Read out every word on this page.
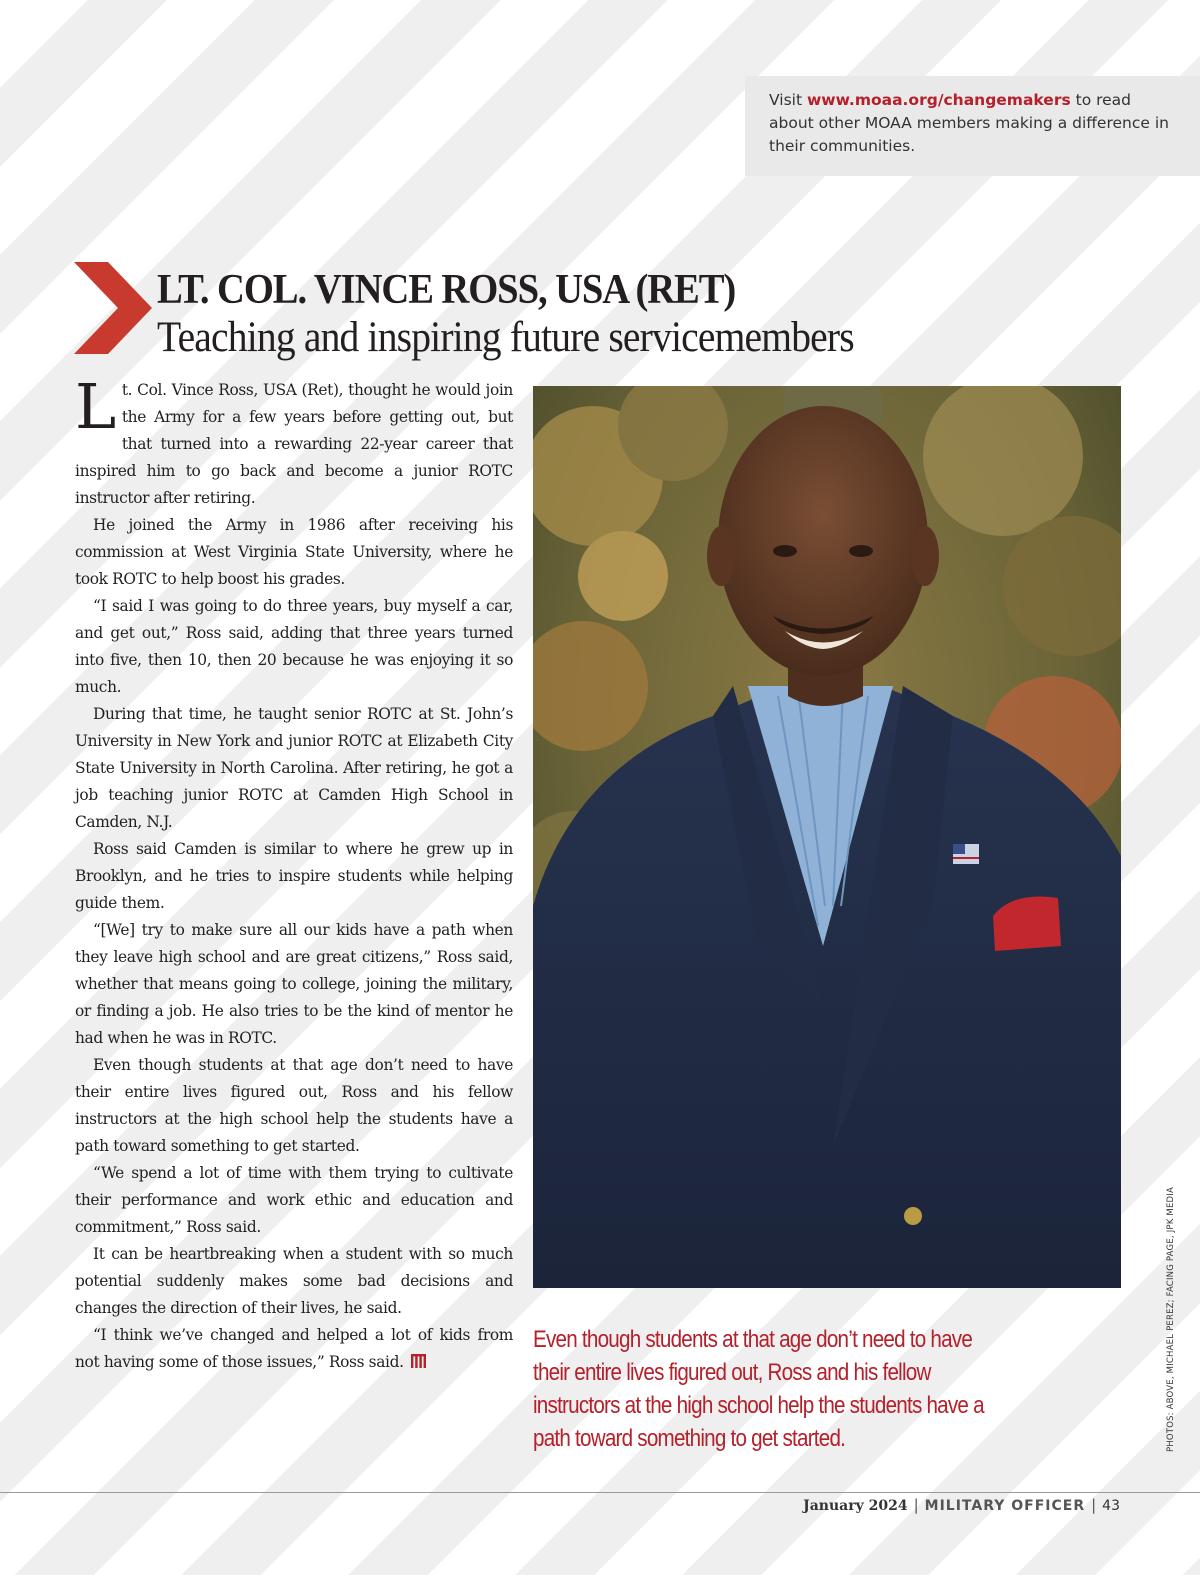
Visit www.moaa.org/changemakers to read about other MOAA members making a difference in their communities.
LT. COL. VINCE ROSS, USA (RET)
Teaching and inspiring future servicemembers

Lt. Col. Vince Ross, USA (Ret), thought he would join the Army for a few years before getting out, but that turned into a rewarding 22-year career that inspired him to go back and become a junior ROTC instructor after retiring.

He joined the Army in 1986 after receiving his commission at West Virginia State University, where he took ROTC to help boost his grades.

“I said I was going to do three years, buy myself a car, and get out,” Ross said, adding that three years turned into five, then 10, then 20 because he was enjoying it so much.

During that time, he taught senior ROTC at St. John’s University in New York and junior ROTC at Elizabeth City State University in North Carolina. After retiring, he got a job teaching junior ROTC at Camden High School in Camden, N.J.

Ross said Camden is similar to where he grew up in Brooklyn, and he tries to inspire students while helping guide them.

“[We] try to make sure all our kids have a path when they leave high school and are great citizens,” Ross said, whether that means going to college, joining the military, or finding a job. He also tries to be the kind of mentor he had when he was in ROTC.

Even though students at that age don’t need to have their entire lives figured out, Ross and his fellow instructors at the high school help the students have a path toward something to get started.

“We spend a lot of time with them trying to cultivate their performance and work ethic and education and commitment,” Ross said.

It can be heartbreaking when a student with so much potential suddenly makes some bad decisions and changes the direction of their lives, he said.

“I think we’ve changed and helped a lot of kids from not having some of those issues,” Ross said.

Even though students at that age don’t need to have their entire lives figured out, Ross and his fellow instructors at the high school help the students have a path toward something to get started.	PHOTOS: ABOVE, MICHAEL PEREZ; FACING PAGE, JPK MEDIA
January 2024 | MILITARY OFFICER | 43
